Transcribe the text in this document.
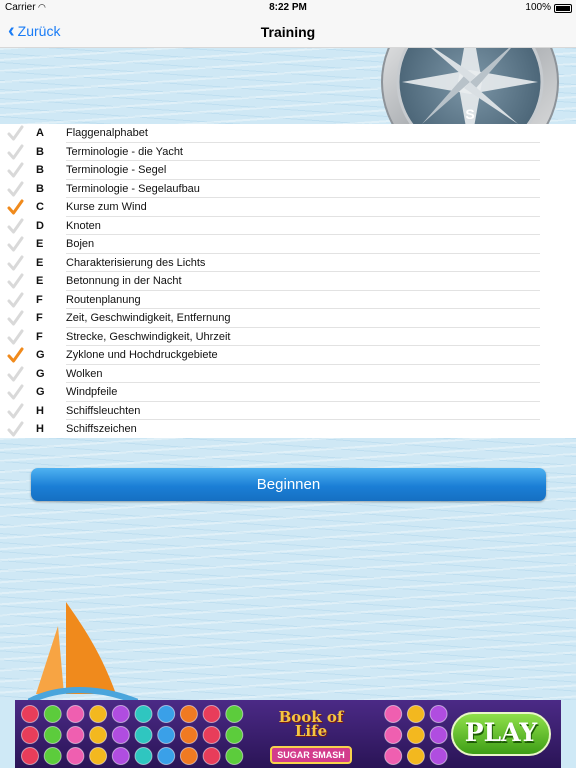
Carrier ◠	8:22 PM	100%
‹ Zurück	Training
S
A Flaggenalphabet
B Terminologie - die Yacht
B Terminologie - Segel
B Terminologie - Segelaufbau
C Kurse zum Wind
D Knoten
E Bojen
E Charakterisierung des Lichts
E Betonnung in der Nacht
F Routenplanung
F Zeit, Geschwindigkeit, Entfernung
F Strecke, Geschwindigkeit, Uhrzeit
G Zyklone und Hochdruckgebiete
G Wolken
G Windpfeile
H Schiffsleuchten
H Schiffszeichen
Beginnen
Book of Life
SUGAR SMASH
PLAY
